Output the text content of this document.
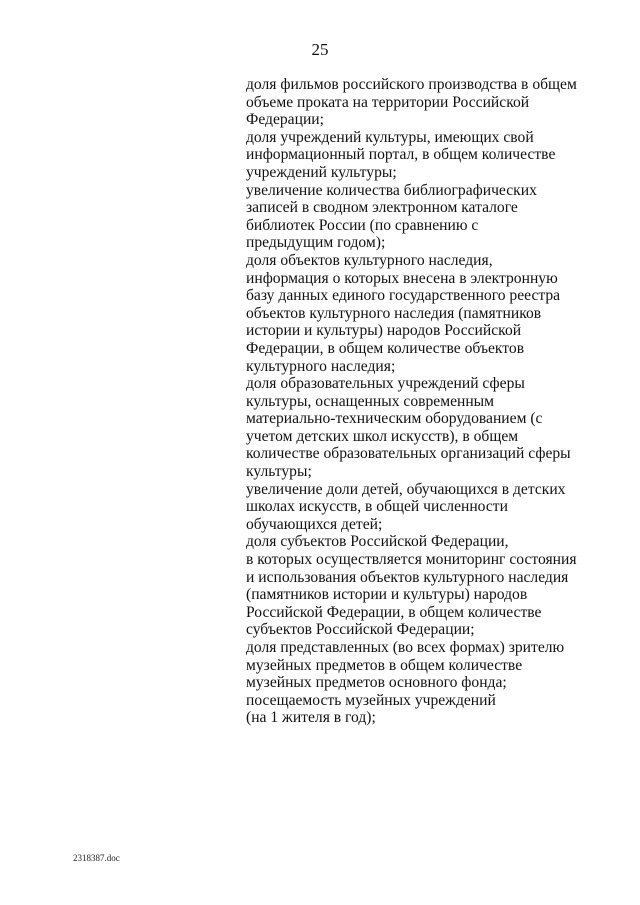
25
доля фильмов российского производства в общем
объеме проката на территории Российской
Федерации;
доля учреждений культуры, имеющих свой
информационный портал, в общем количестве
учреждений культуры;
увеличение количества библиографических
записей в сводном электронном каталоге
библиотек России (по сравнению с
предыдущим годом);
доля объектов культурного наследия,
информация о которых внесена в электронную
базу данных единого государственного реестра
объектов культурного наследия (памятников
истории и культуры) народов Российской
Федерации, в общем количестве объектов
культурного наследия;
доля образовательных учреждений сферы
культуры, оснащенных современным
материально-техническим оборудованием (с
учетом детских школ искусств), в общем
количестве образовательных организаций сферы
культуры;
увеличение доли детей, обучающихся в детских
школах искусств, в общей численности
обучающихся детей;
доля субъектов Российской Федерации,
в которых осуществляется мониторинг состояния
и использования объектов культурного наследия
(памятников истории и культуры) народов
Российской Федерации, в общем количестве
субъектов Российской Федерации;
доля представленных (во всех формах) зрителю
музейных предметов в общем количестве
музейных предметов основного фонда;
посещаемость музейных учреждений
(на 1 жителя в год);
2318387.doc
